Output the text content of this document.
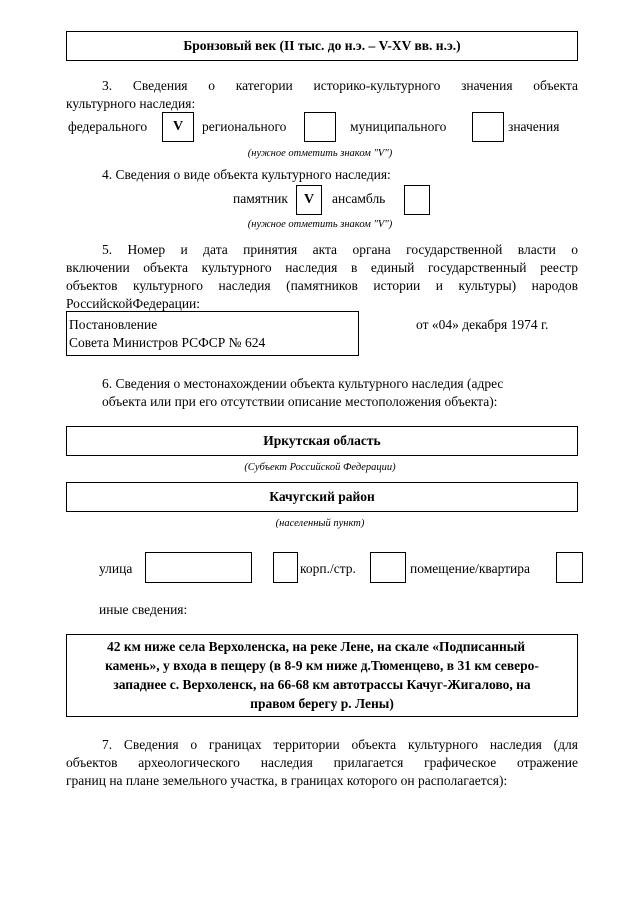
Бронзовый век (II тыс. до н.э. – V-XV вв. н.э.)
3. Сведения о категории историко-культурного значения объекта
культурного наследия:
федерального	V	регионального	муниципального	значения
(нужное отметить знаком "V")
4. Сведения о виде объекта культурного наследия:
памятник	V	ансамбль
(нужное отметить знаком "V")
5. Номер и дата принятия акта органа государственной власти о
включении объекта культурного наследия в единый государственный реестр
объектов культурного наследия (памятников истории и культуры) народов
РоссийскойФедерации:
Постановление
Совета Министров РСФСР № 624
от «04» декабря 1974 г.
6. Сведения о местонахождении объекта культурного наследия (адрес
объекта или при его отсутствии описание местоположения объекта):
Иркутская область
(Субъект Российской Федерации)
Качугский район
(населенный пункт)
улица	корп./стр.	помещение/квартира
иные сведения:
42 км ниже села Верхоленска, на реке Лене, на скале «Подписанный
камень», у входа в пещеру (в 8-9 км ниже д.Тюменцево, в 31 км северо-
западнее с. Верхоленск, на 66-68 км автотрассы Качуг-Жигалово, на
правом берегу р. Лены)
7. Сведения о границах территории объекта культурного наследия (для
объектов археологического наследия прилагается графическое отражение
границ на плане земельного участка, в границах которого он располагается):
